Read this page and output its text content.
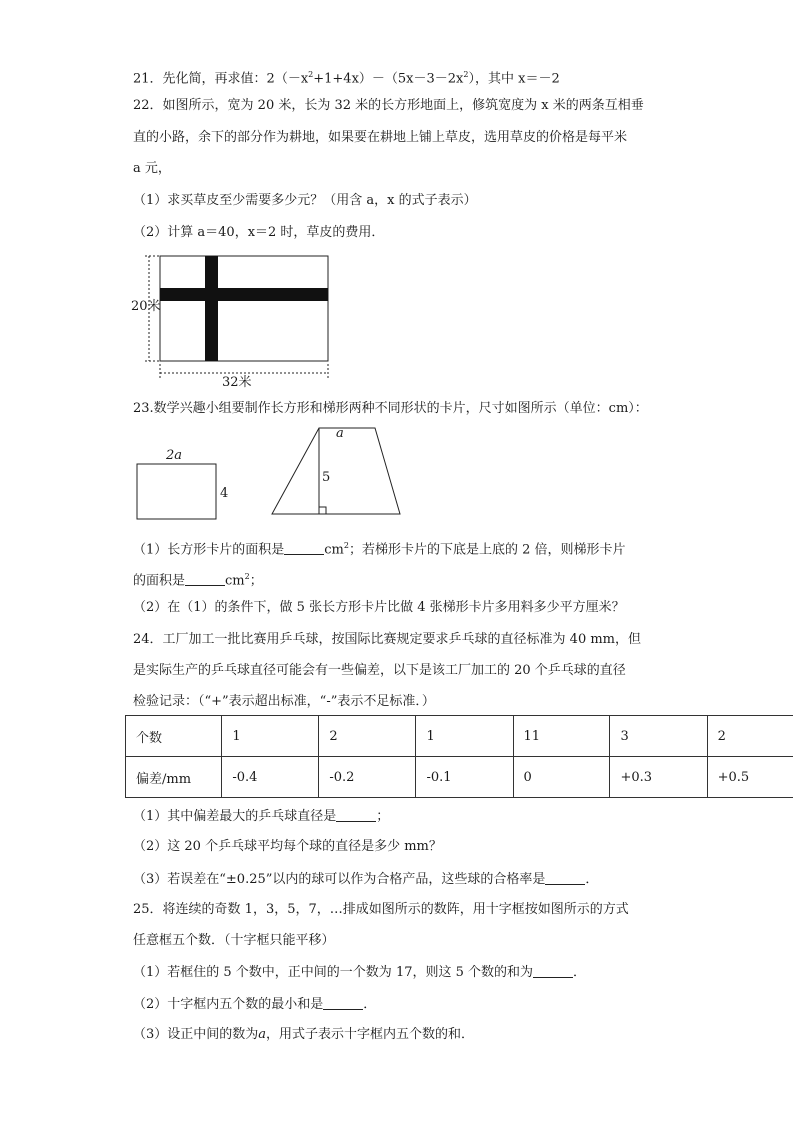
21．先化简，再求值：$2(-x^2+1+4x)-(5x-3-2x^2)$，其中 x＝－2
22．如图所示，宽为 20 米，长为 32 米的长方形地面上，修筑宽度为 x 米的两条互相垂
直的小路，余下的部分作为耕地，如果要在耕地上铺上草皮，选用草皮的价格是每平米
a 元，
（1）求买草皮至少需要多少元？（用含 a，x 的式子表示）
（2）计算 a＝40，x＝2 时，草皮的费用．
20米
32米
23.数学兴趣小组要制作长方形和梯形两种不同形状的卡片，尺寸如图所示（单位：cm）：
2a
4
a
5
（1）长方形卡片的面积是	$cm^2$；若梯形卡片的下底是上底的 2 倍，则梯形卡片
的面积是	$cm^2$；
（2）在（1）的条件下，做 5 张长方形卡片比做 4 张梯形卡片多用料多少平方厘米？
24．工厂加工一批比赛用乒乓球，按国际比赛规定要求乒乓球的直径标准为 40 mm，但
是实际生产的乒乓球直径可能会有一些偏差，以下是该工厂加工的 20 个乒乓球的直径
检验记录：（“+”表示超出标准，“-”表示不足标准．）
个数	1	2	1	11	3	2
偏差/mm	-0.4	-0.2	-0.1	0	+0.3	+0.5
（1）其中偏差最大的乒乓球直径是	；
（2）这 20 个乒乓球平均每个球的直径是多少 mm？
（3）若误差在“±0.25”以内的球可以作为合格产品，这些球的合格率是	．
25．将连续的奇数 1，3，5，7，…排成如图所示的数阵，用十字框按如图所示的方式
任意框五个数．（十字框只能平移）
（1）若框住的 5 个数中，正中间的一个数为 17，则这 5 个数的和为	．
（2）十字框内五个数的最小和是	．
（3）设正中间的数为a，用式子表示十字框内五个数的和．
